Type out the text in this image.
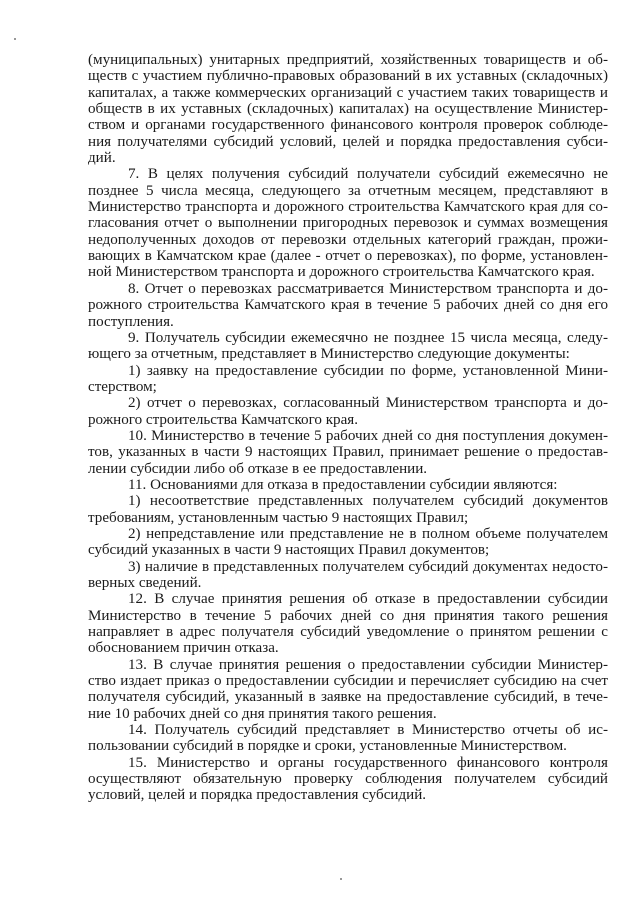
(муниципальных) унитарных предприятий, хозяйственных товариществ и обществ с участием публично-правовых образований в их уставных (складочных) капиталах, а также коммерческих организаций с участием таких товариществ и обществ в их уставных (складочных) капиталах) на осуществление Министерством и органами государственного финансового контроля проверок соблюдения получателями субсидий условий, целей и порядка предоставления субсидий.

7. В целях получения субсидий получатели субсидий ежемесячно не позднее 5 числа месяца, следующего за отчетным месяцем, представляют в Министерство транспорта и дорожного строительства Камчатского края для согласования отчет о выполнении пригородных перевозок и суммах возмещения недополученных доходов от перевозки отдельных категорий граждан, проживающих в Камчатском крае (далее - отчет о перевозках), по форме, установленной Министерством транспорта и дорожного строительства Камчатского края.

8. Отчет о перевозках рассматривается Министерством транспорта и дорожного строительства Камчатского края в течение 5 рабочих дней со дня его поступления.

9. Получатель субсидии ежемесячно не позднее 15 числа месяца, следующего за отчетным, представляет в Министерство следующие документы:

1) заявку на предоставление субсидии по форме, установленной Министерством;

2) отчет о перевозках, согласованный Министерством транспорта и дорожного строительства Камчатского края.

10. Министерство в течение 5 рабочих дней со дня поступления документов, указанных в части 9 настоящих Правил, принимает решение о предоставлении субсидии либо об отказе в ее предоставлении.

11. Основаниями для отказа в предоставлении субсидии являются:

1) несоответствие представленных получателем субсидий документов требованиям, установленным частью 9 настоящих Правил;

2) непредставление или представление не в полном объеме получателем субсидий указанных в части 9 настоящих Правил документов;

3) наличие в представленных получателем субсидий документах недостоверных сведений.

12. В случае принятия решения об отказе в предоставлении субсидии Министерство в течение 5 рабочих дней со дня принятия такого решения направляет в адрес получателя субсидий уведомление о принятом решении с обоснованием причин отказа.

13. В случае принятия решения о предоставлении субсидии Министерство издает приказ о предоставлении субсидии и перечисляет субсидию на счет получателя субсидий, указанный в заявке на предоставление субсидий, в течение 10 рабочих дней со дня принятия такого решения.

14. Получатель субсидий представляет в Министерство отчеты об использовании субсидий в порядке и сроки, установленные Министерством.

15. Министерство и органы государственного финансового контроля осуществляют обязательную проверку соблюдения получателем субсидий условий, целей и порядка предоставления субсидий.
